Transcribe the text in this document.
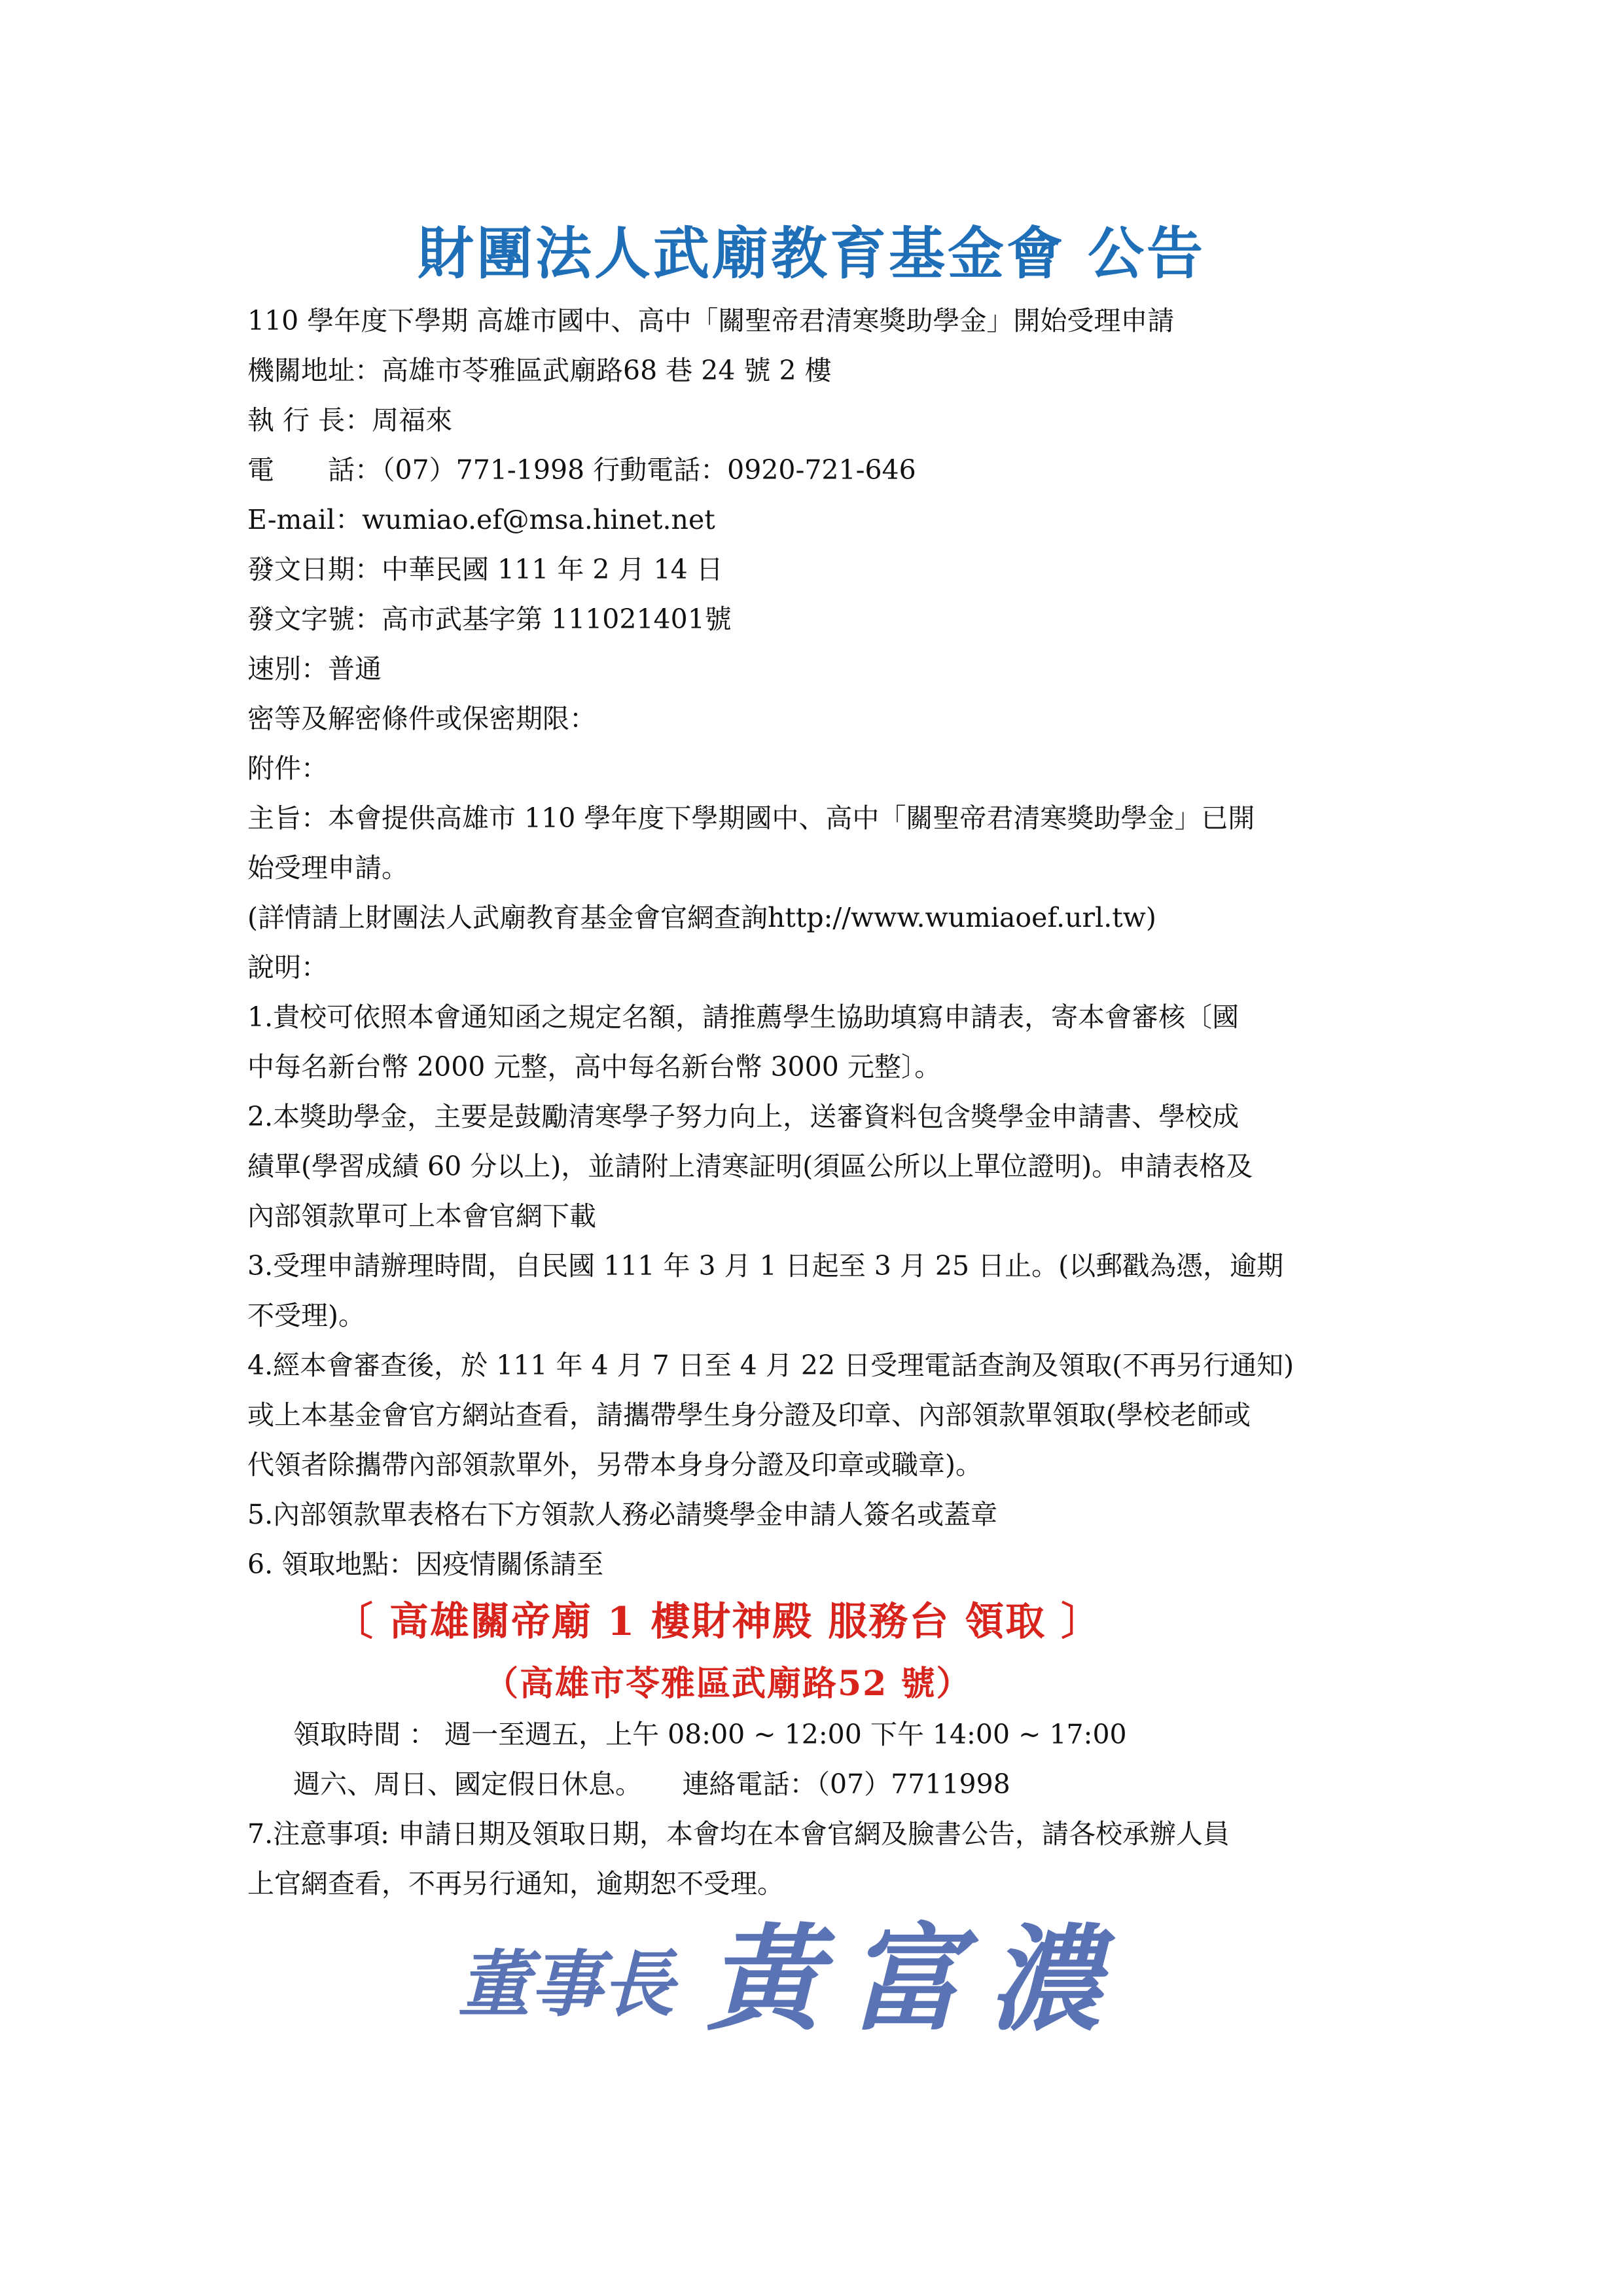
財團法人武廟教育基金會 公告
110 學年度下學期 高雄市國中、高中「關聖帝君清寒獎助學金」開始受理申請
機關地址：高雄市苓雅區武廟路68 巷 24 號 2 樓
執 行 長：周福來
電　　話：（07）771-1998 行動電話：0920-721-646
E-mail：wumiao.ef@msa.hinet.net
發文日期：中華民國 111 年 2 月 14 日
發文字號：高市武基字第 111021401號
速別：普通
密等及解密條件或保密期限：
附件：
主旨：本會提供高雄市 110 學年度下學期國中、高中「關聖帝君清寒獎助學金」已開
始受理申請。
(詳情請上財團法人武廟教育基金會官網查詢http://www.wumiaoef.url.tw)
說明：
1.貴校可依照本會通知函之規定名額，請推薦學生協助填寫申請表，寄本會審核〔國
中每名新台幣 2000 元整，高中每名新台幣 3000 元整〕。
2.本獎助學金，主要是鼓勵清寒學子努力向上，送審資料包含獎學金申請書、學校成
績單(學習成績 60 分以上)，並請附上清寒証明(須區公所以上單位證明)。申請表格及
內部領款單可上本會官網下載
3.受理申請辦理時間，自民國 111 年 3 月 1 日起至 3 月 25 日止。(以郵戳為憑，逾期
不受理)。
4.經本會審查後，於 111 年 4 月 7 日至 4 月 22 日受理電話查詢及領取(不再另行通知)
或上本基金會官方網站查看，請攜帶學生身分證及印章、內部領款單領取(學校老師或
代領者除攜帶內部領款單外，另帶本身身分證及印章或職章)。
5.內部領款單表格右下方領款人務必請獎學金申請人簽名或蓋章
6. 領取地點：因疫情關係請至
〔 高雄關帝廟 1 樓財神殿 服務台 領取 〕
（高雄市苓雅區武廟路52 號）
領取時間 ： 週一至週五，上午 08:00 ~ 12:00 下午 14:00 ~ 17:00
週六、周日、國定假日休息。　　連絡電話：（07）7711998
7.注意事項: 申請日期及領取日期，本會均在本會官網及臉書公告，請各校承辦人員
上官網查看，不再另行通知，逾期恕不受理。
董事長 黃富濃
